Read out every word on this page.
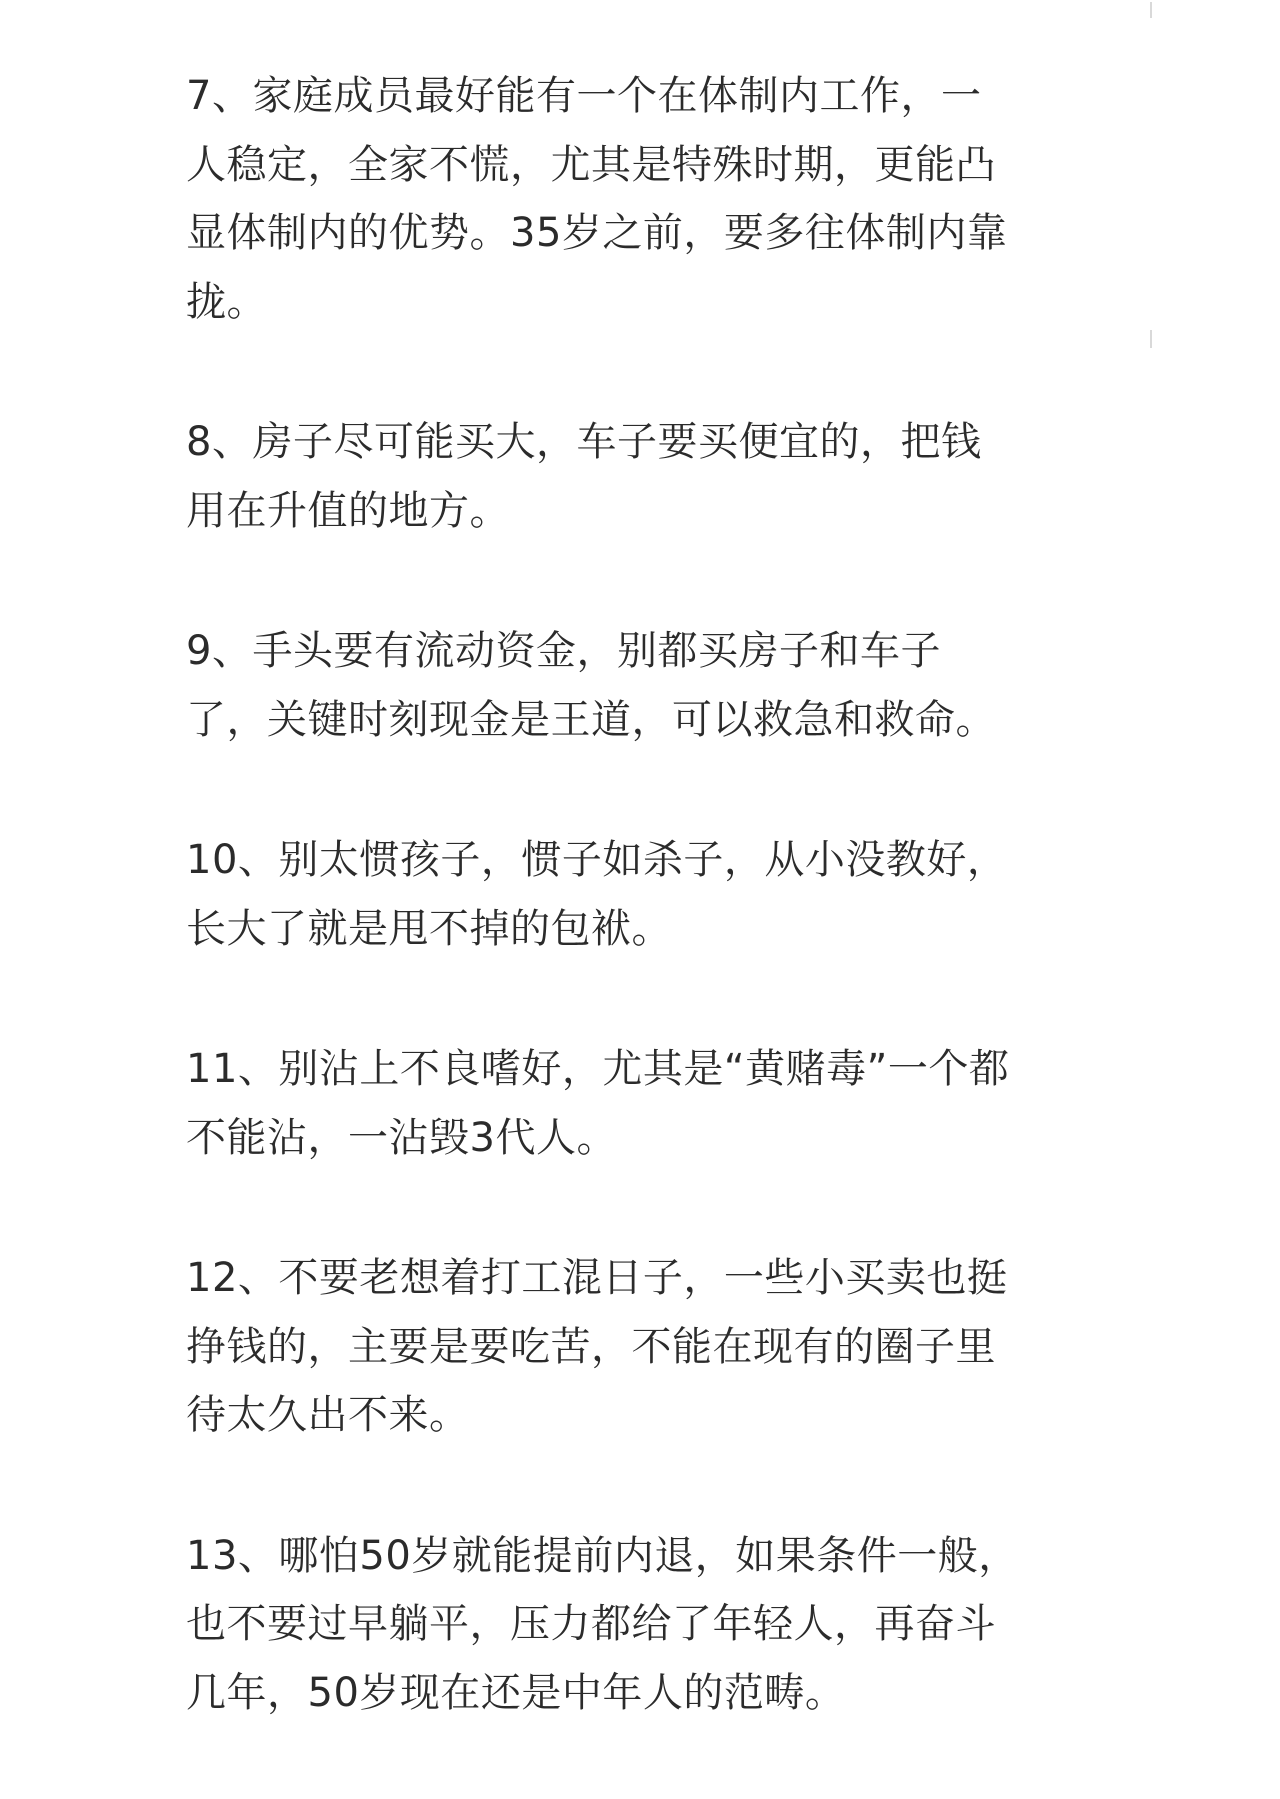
7、家庭成员最好能有一个在体制内工作，一
人稳定，全家不慌，尤其是特殊时期，更能凸
显体制内的优势。35岁之前，要多往体制内靠
拢。

8、房子尽可能买大，车子要买便宜的，把钱
用在升值的地方。

9、手头要有流动资金，别都买房子和车子
了，关键时刻现金是王道，可以救急和救命。

10、别太惯孩子，惯子如杀子，从小没教好，
长大了就是甩不掉的包袱。

11、别沾上不良嗜好，尤其是“黄赌毒”一个都
不能沾，一沾毁3代人。

12、不要老想着打工混日子，一些小买卖也挺
挣钱的，主要是要吃苦，不能在现有的圈子里
待太久出不来。

13、哪怕50岁就能提前内退，如果条件一般，
也不要过早躺平，压力都给了年轻人，再奋斗
几年，50岁现在还是中年人的范畴。
